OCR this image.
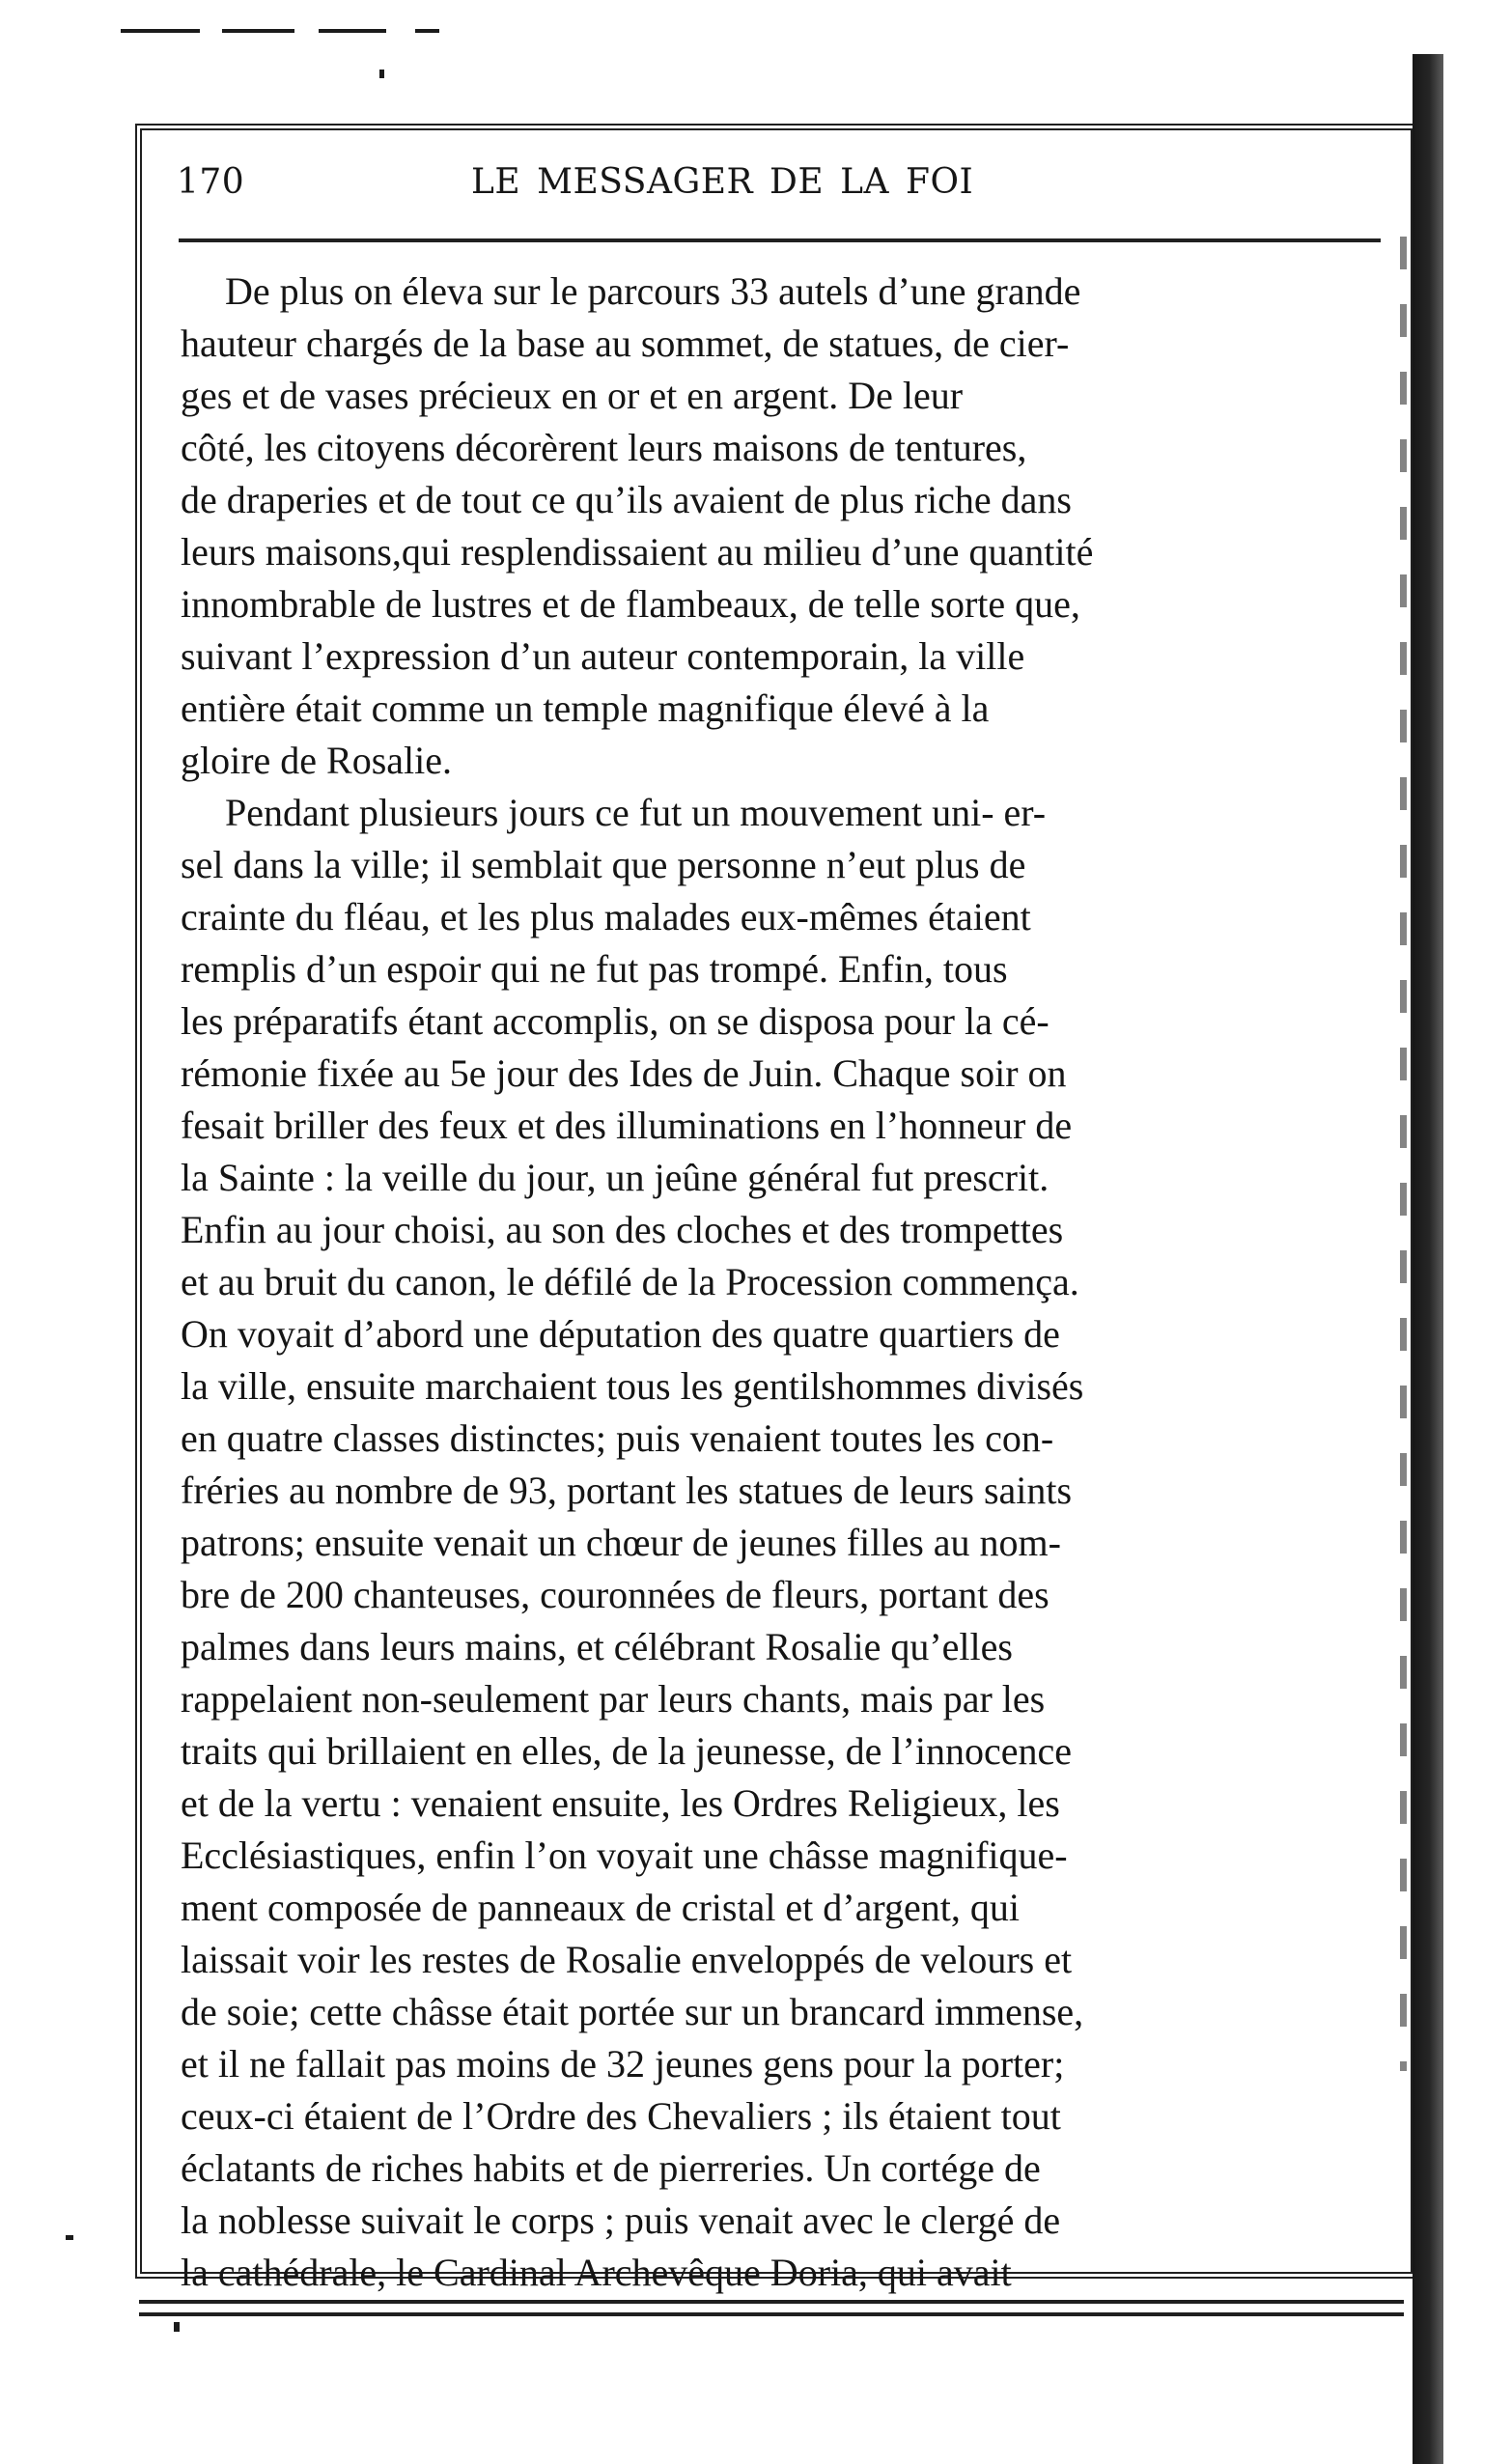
170	LE MESSAGER DE LA FOI
De plus on éleva sur le parcours 33 autels d’une grande
hauteur chargés de la base au sommet, de statues, de cier-
ges et de vases précieux en or et en argent. De leur
côté, les citoyens décorèrent leurs maisons de tentures,
de draperies et de tout ce qu’ils avaient de plus riche dans
leurs maisons,qui resplendissaient au milieu d’une quantité
innombrable de lustres et de flambeaux, de telle sorte que,
suivant l’expression d’un auteur contemporain, la ville
entière était comme un temple magnifique élevé à la
gloire de Rosalie.
Pendant plusieurs jours ce fut un mouvement uni- er-
sel dans la ville; il semblait que personne n’eut plus de
crainte du fléau, et les plus malades eux-mêmes étaient
remplis d’un espoir qui ne fut pas trompé. Enfin, tous
les préparatifs étant accomplis, on se disposa pour la cé-
rémonie fixée au 5e jour des Ides de Juin. Chaque soir on
fesait briller des feux et des illuminations en l’honneur de
la Sainte : la veille du jour, un jeûne général fut prescrit.
Enfin au jour choisi, au son des cloches et des trompettes
et au bruit du canon, le défilé de la Procession commença.
On voyait d’abord une députation des quatre quartiers de
la ville, ensuite marchaient tous les gentilshommes divisés
en quatre classes distinctes; puis venaient toutes les con-
fréries au nombre de 93, portant les statues de leurs saints
patrons; ensuite venait un chœur de jeunes filles au nom-
bre de 200 chanteuses, couronnées de fleurs, portant des
palmes dans leurs mains, et célébrant Rosalie qu’elles
rappelaient non-seulement par leurs chants, mais par les
traits qui brillaient en elles, de la jeunesse, de l’innocence
et de la vertu : venaient ensuite, les Ordres Religieux, les
Ecclésiastiques, enfin l’on voyait une châsse magnifique-
ment composée de panneaux de cristal et d’argent, qui
laissait voir les restes de Rosalie enveloppés de velours et
de soie; cette châsse était portée sur un brancard immense,
et il ne fallait pas moins de 32 jeunes gens pour la porter;
ceux-ci étaient de l’Ordre des Chevaliers ; ils étaient tout
éclatants de riches habits et de pierreries. Un cortége de
la noblesse suivait le corps ; puis venait avec le clergé de
la cathédrale, le Cardinal Archevêque Doria, qui avait
